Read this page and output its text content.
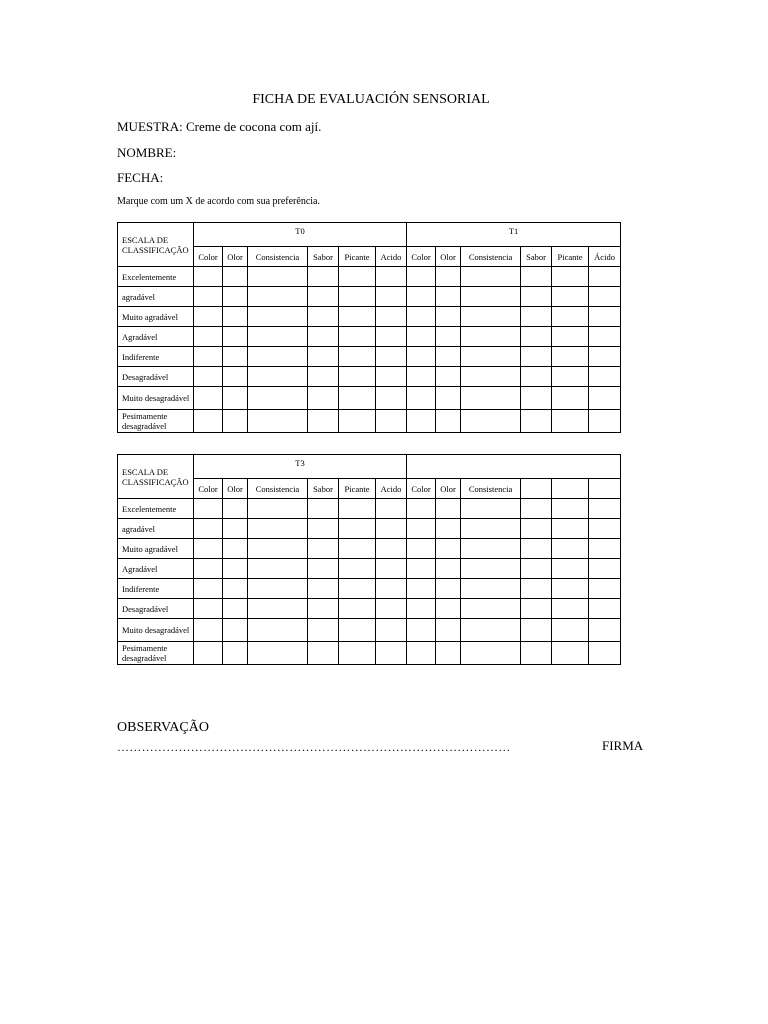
FICHA DE EVALUACIÓN SENSORIAL
MUESTRA: Creme de cocona com ají.
NOMBRE:
FECHA:
Marque com um X de acordo com sua preferência.
ESCALA DE CLASSIFICAÇÃO	T0						T1					
	Color	Olor	Consistencia	Sabor	Picante	Acido	Color	Olor	Consistencia	Sabor	Picante	Ácido
Excelentemente												
agradável												
Muito agradável												
Agradável												
Indiferente												
Desagradável												
Muito desagradável												
Pesimamente desagradável												
ESCALA DE CLASSIFICAÇÃO	T3											
	Color	Olor	Consistencia	Sabor	Picante	Acido	Color	Olor	Consistencia			
Excelentemente												
agradável												
Muito agradável												
Agradável												
Indiferente												
Desagradável												
Muito desagradável												
Pesimamente desagradável												
OBSERVAÇÃO
……………………………………………………………………………………	FIRMA
